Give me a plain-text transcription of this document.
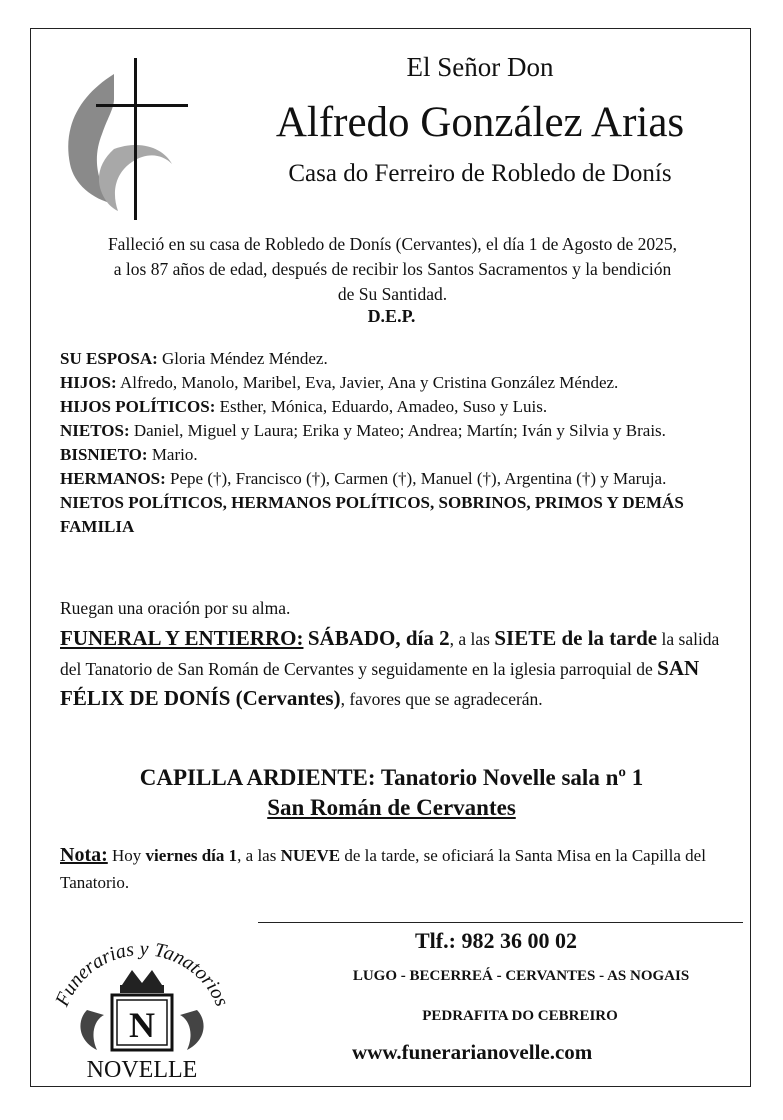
El Señor Don
Alfredo González Arias
Casa do Ferreiro de Robledo de Donís
Falleció en su casa de Robledo de Donís (Cervantes), el día 1 de Agosto de 2025,
a los 87 años de edad, después de recibir los Santos Sacramentos y la bendición
de Su Santidad.
D.E.P.

SU ESPOSA: Gloria Méndez Méndez.

HIJOS: Alfredo, Manolo, Maribel, Eva, Javier, Ana y Cristina González Méndez.

HIJOS POLÍTICOS: Esther, Mónica, Eduardo, Amadeo, Suso y Luis.

NIETOS: Daniel, Miguel y Laura; Erika y Mateo; Andrea; Martín; Iván y Silvia y Brais.

BISNIETO: Mario.

HERMANOS: Pepe (†), Francisco (†), Carmen (†), Manuel (†), Argentina (†) y Maruja.

NIETOS POLÍTICOS, HERMANOS POLÍTICOS, SOBRINOS, PRIMOS Y DEMÁS FAMILIA

Ruegan una oración por su alma.
FUNERAL Y ENTIERRO: SÁBADO, día 2, a las SIETE de la tarde la salida del Tanatorio de San Román de Cervantes y seguidamente en la iglesia parroquial de SAN FÉLIX DE DONÍS (Cervantes), favores que se agradecerán.
CAPILLA ARDIENTE: Tanatorio Novelle sala nº 1
San Román de Cervantes
Nota: Hoy viernes día 1, a las NUEVE de la tarde, se oficiará la Santa Misa en la Capilla del Tanatorio.
Funerarias y Tanatorios
N
NOVELLE
Tlf.: 982 36 00 02
LUGO - BECERREÁ - CERVANTES - AS NOGAIS
PEDRAFITA DO CEBREIRO
www.funerarianovelle.com
